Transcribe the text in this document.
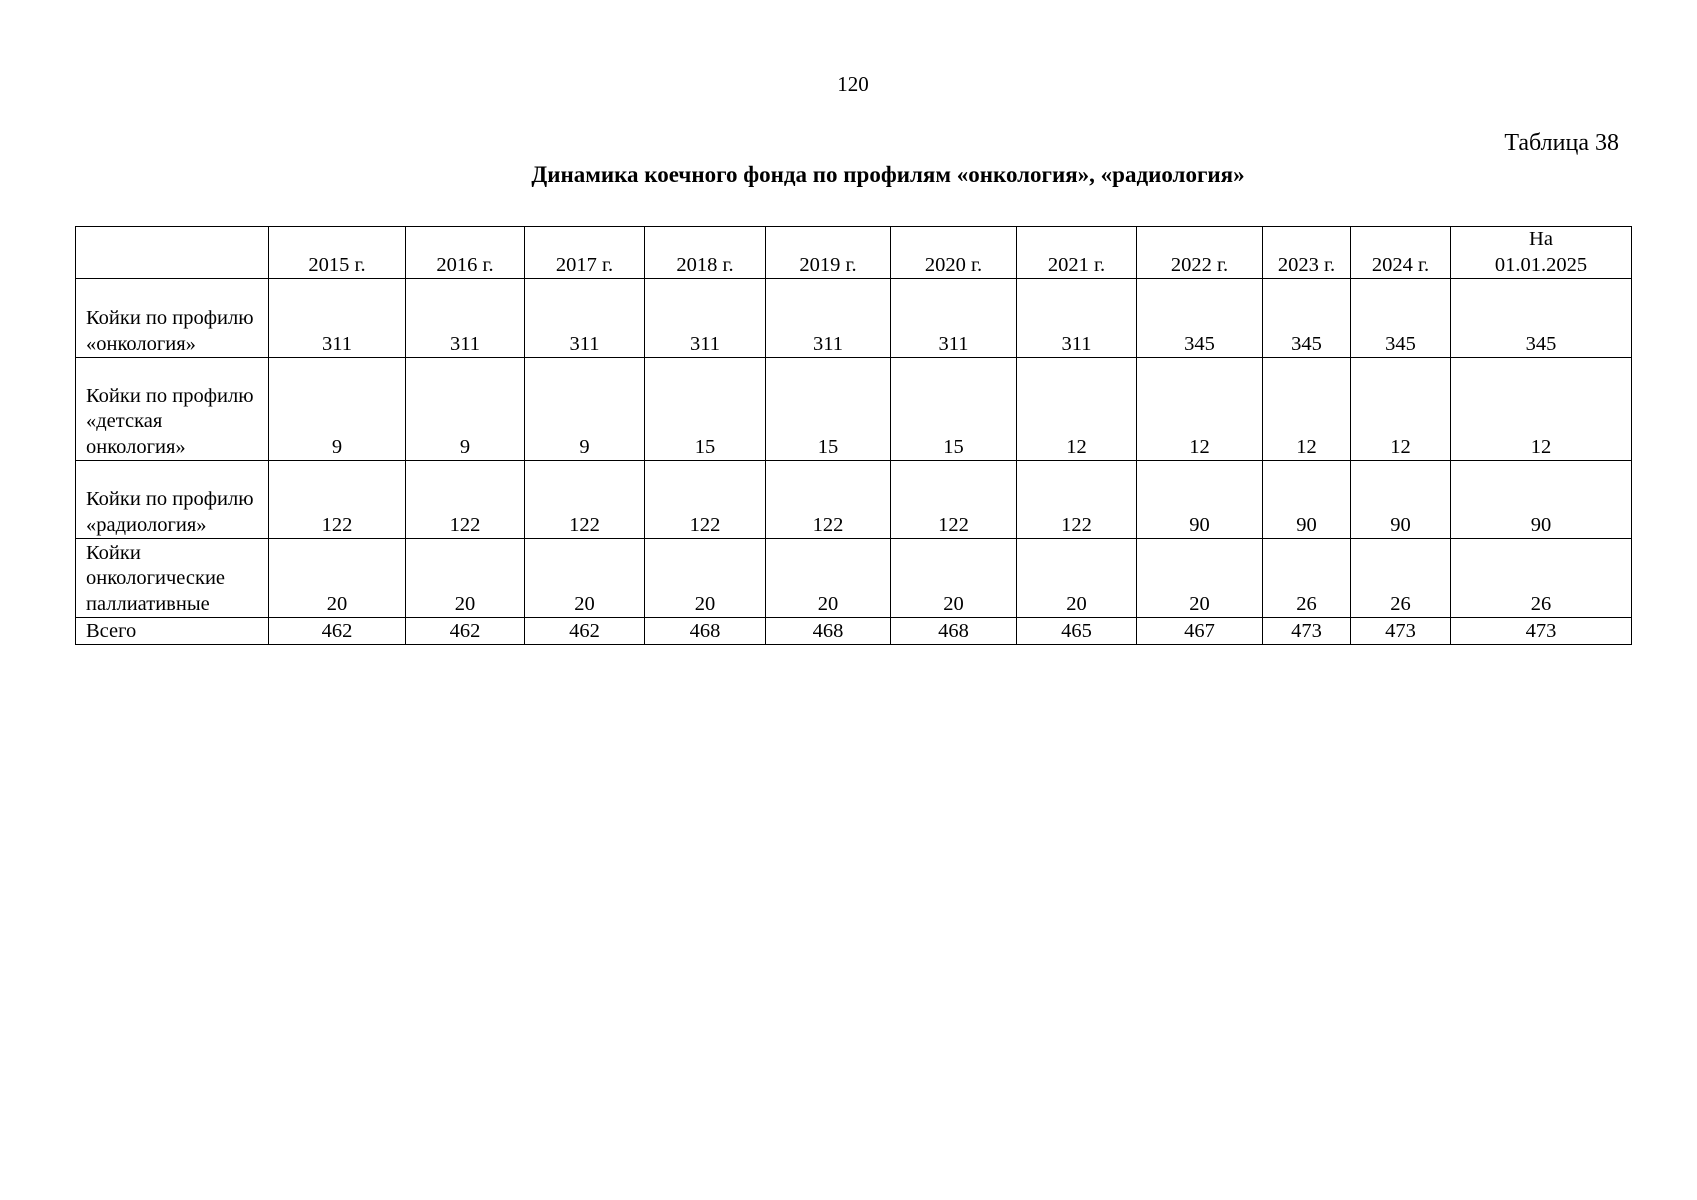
120
Таблица 38
Динамика коечного фонда по профилям «онкология», «радиология»
	2015 г.	2016 г.	2017 г.	2018 г.	2019 г.	2020 г.	2021 г.	2022 г.	2023 г.	2024 г.	На 01.01.2025
Койки по профилю «онкология»	311	311	311	311	311	311	311	345	345	345	345
Койки по профилю «детская онкология»	9	9	9	15	15	15	12	12	12	12	12
Койки по профилю «радиология»	122	122	122	122	122	122	122	90	90	90	90
Койки онкологические паллиативные	20	20	20	20	20	20	20	20	26	26	26
Всего	462	462	462	468	468	468	465	467	473	473	473
